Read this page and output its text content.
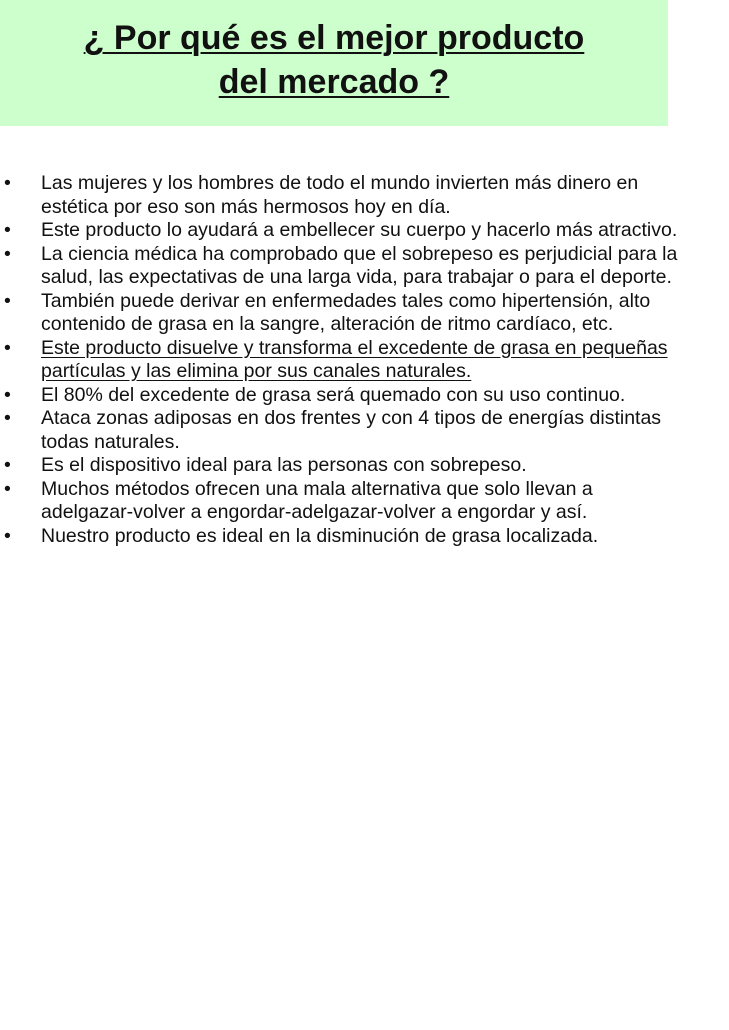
¿ Por qué es el mejor producto
del mercado ?
• Las mujeres y los hombres de todo el mundo invierten más dinero en
estética por eso son más hermosos hoy en día.
• Este producto lo ayudará a embellecer su cuerpo y hacerlo más atractivo.
• La ciencia médica ha comprobado que el sobrepeso es perjudicial para la
salud, las expectativas de una larga vida, para trabajar o para el deporte.
• También puede derivar en enfermedades tales como hipertensión, alto
contenido de grasa en la sangre, alteración de ritmo cardíaco, etc.
• Este producto disuelve y transforma el excedente de grasa en pequeñas
partículas y las elimina por sus canales naturales.
• El 80% del excedente de grasa será quemado con su uso continuo.
• Ataca zonas adiposas en dos frentes y con 4 tipos de energías distintas
todas naturales.
• Es el dispositivo ideal para las personas con sobrepeso.
• Muchos métodos ofrecen una mala alternativa que solo llevan a
adelgazar-volver a engordar-adelgazar-volver a engordar y así.
• Nuestro producto es ideal en la disminución de grasa localizada.
